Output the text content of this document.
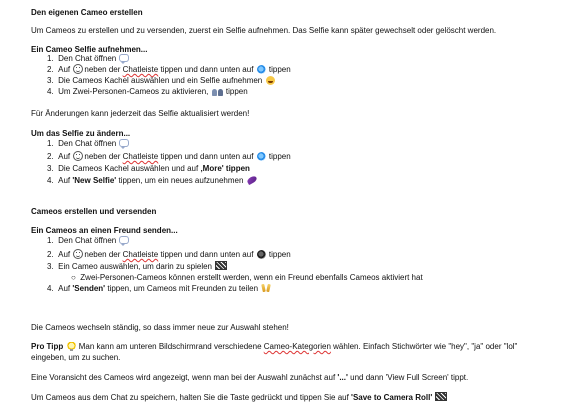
Den eigenen Cameo erstellen
Um Cameos zu erstellen und zu versenden, zuerst ein Selfie aufnehmen. Das Selfie kann später gewechselt oder gelöscht werden.
Ein Cameo Selfie aufnehmen...
1.  Den Chat öffnen
2.  Auf neben der Chatleiste tippen und dann unten auf tippen
3.  Die Cameos Kachel auswählen und ein Selfie aufnehmen
4.  Um Zwei-Personen-Cameos zu aktivieren, tippen
Für Änderungen kann jederzeit das Selfie aktualisiert werden!
Um das Selfie zu ändern...
1.  Den Chat öffnen
2.  Auf neben der Chatleiste tippen und dann unten auf tippen
3.  Die Cameos Kachel auswählen und auf ‚More' tippen
4.  Auf 'New Selfie' tippen, um ein neues aufzunehmen
Cameos erstellen und versenden
Ein Cameos an einen Freund senden...
1.  Den Chat öffnen
2.  Auf neben der Chatleiste tippen und dann unten auf tippen
3.  Ein Cameo auswählen, um darin zu spielen
○  Zwei-Personen-Cameos können erstellt werden, wenn ein Freund ebenfalls Cameos aktiviert hat
4.  Auf 'Senden' tippen, um Cameos mit Freunden zu teilen
Die Cameos wechseln ständig, so dass immer neue zur Auswahl stehen!
Pro Tipp Man kann am unteren Bildschirmrand verschiedene Cameo-Kategorien wählen. Einfach Stichwörter wie "hey", "ja" oder "lol"
eingeben, um zu suchen.
Eine Voransicht des Cameos wird angezeigt, wenn man bei der Auswahl zunächst auf '...' und dann 'View Full Screen' tippt.
Um Cameos aus dem Chat zu speichern, halten Sie die Taste gedrückt und tippen Sie auf 'Save to Camera Roll'
